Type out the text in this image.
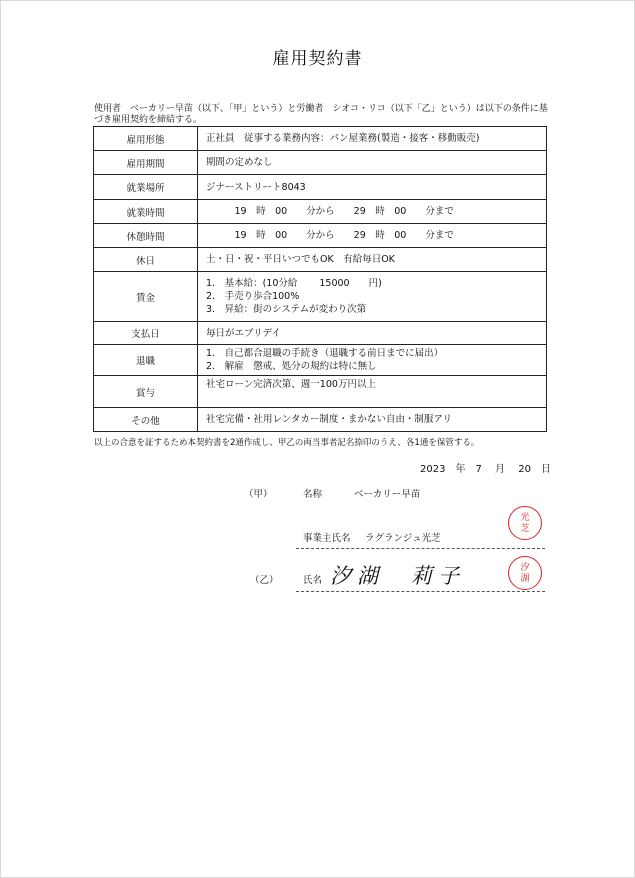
雇用契約書
使用者　ベーカリー早苗（以下、「甲」という）と労働者　シオコ・リコ（以下「乙」という）は以下の条件に基づき雇用契約を締結する。
雇用形態	正社員　従事する業務内容：パン屋業務(製造・接客・移動販売)

雇用期間	期間の定めなし

就業場所	ジナーストリート8043

就業時間	　　　19　時　00　　分から　　29　時　00　　分まで

休憩時間	　　　19　時　00　　分から　　29　時　00　　分まで

休日	土・日・祝・平日いつでもOK　有給毎日OK

賃金	1.　基本給：(10分給　　 15000　　円)
2.　手売り歩合100%
3.　昇給：街のシステムが変わり次第

支払日	毎日がエブリデイ

退職	1.　自己都合退職の手続き（退職する前日までに届出）
2.　解雇　懲戒、処分の規約は特に無し

賞与	社宅ローン完済次第、週一100万円以上

その他	社宅完備・社用レンタカー制度・まかない自由・制服アリ
以上の合意を証するため本契約書を2通作成し、甲乙の両当事者記名捺印のうえ、各1通を保管する。
2023　 年　 7　 月　 20　 日
（甲）	名称	ベーカリー早苗
事業主氏名 ラグランジュ光芝
光
芝
（乙）	氏名 汐湖　莉子	汐
湖
